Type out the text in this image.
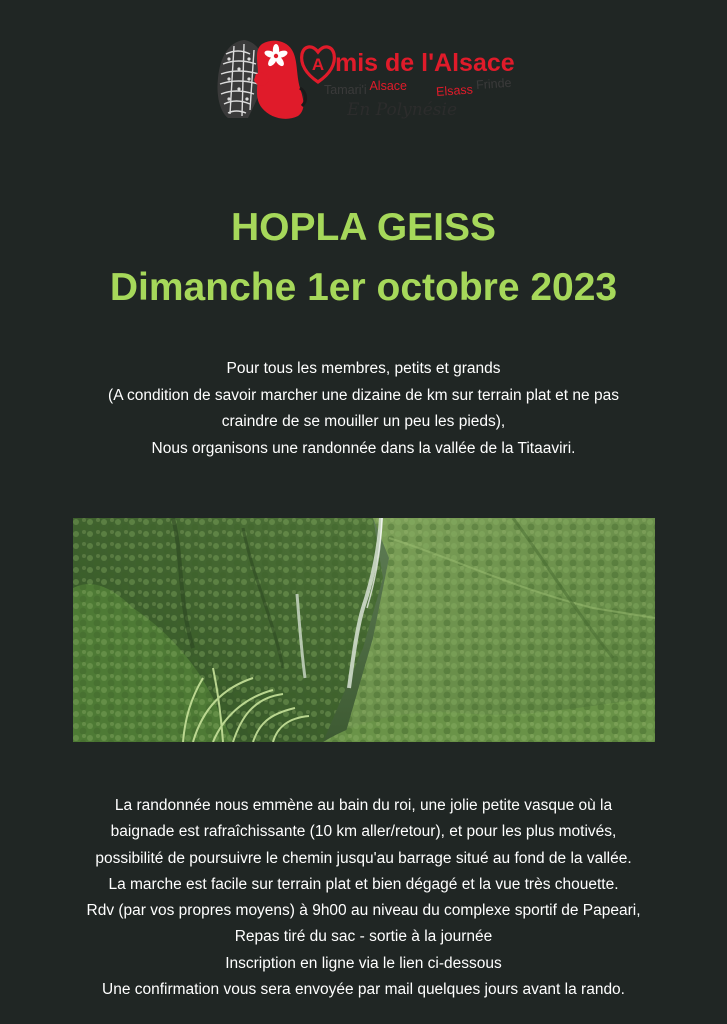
A mis de l'Alsace
Tamari'i Alsace Elsass Frinde
En Polynésie
HOPLA GEISS
Dimanche 1er octobre 2023

Pour tous les membres, petits et grands

(A condition de savoir marcher une dizaine de km sur terrain plat et ne pas

craindre de se mouiller un peu les pieds),

Nous organisons une randonnée dans la vallée de la Titaaviri.

La randonnée nous emmène au bain du roi, une jolie petite vasque où la

baignade est rafraîchissante (10 km aller/retour), et pour les plus motivés,

possibilité de poursuivre le chemin jusqu'au barrage situé au fond de la vallée.

La marche est facile sur terrain plat et bien dégagé et la vue très chouette.

Rdv (par vos propres moyens) à 9h00 au niveau du complexe sportif de Papeari,

Repas tiré du sac - sortie à la journée

Inscription en ligne via le lien ci-dessous

Une confirmation vous sera envoyée par mail quelques jours avant la rando.
